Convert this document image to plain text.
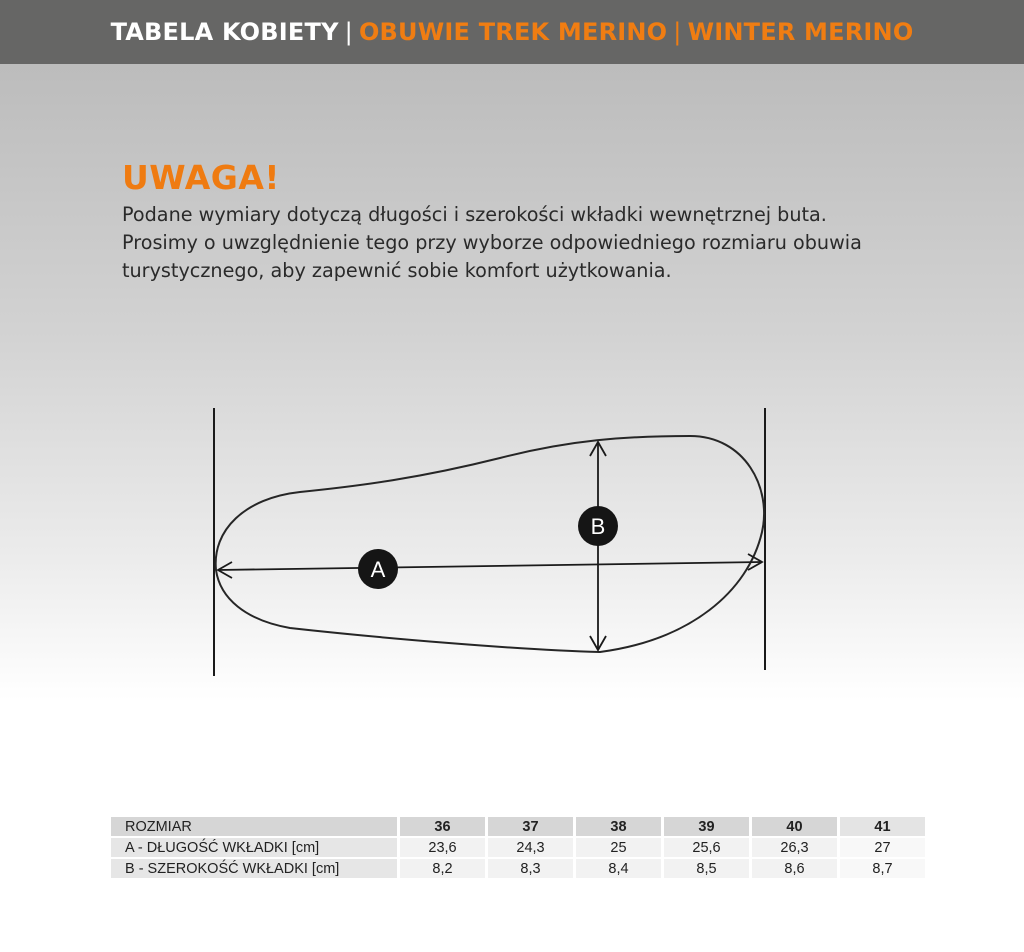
TABELA KOBIETY | OBUWIE TREK MERINO | WINTER MERINO
UWAGA!
Podane wymiary dotyczą długości i szerokości wkładki wewnętrznej buta.
Prosimy o uwzględnienie tego przy wyborze odpowiedniego rozmiaru obuwia
turystycznego, aby zapewnić sobie komfort użytkowania.
A
B
ROZMIAR	36	37	38	39	40	41
A - DŁUGOŚĆ WKŁADKI [cm]	23,6	24,3	25	25,6	26,3	27
B - SZEROKOŚĆ WKŁADKI [cm]	8,2	8,3	8,4	8,5	8,6	8,7
